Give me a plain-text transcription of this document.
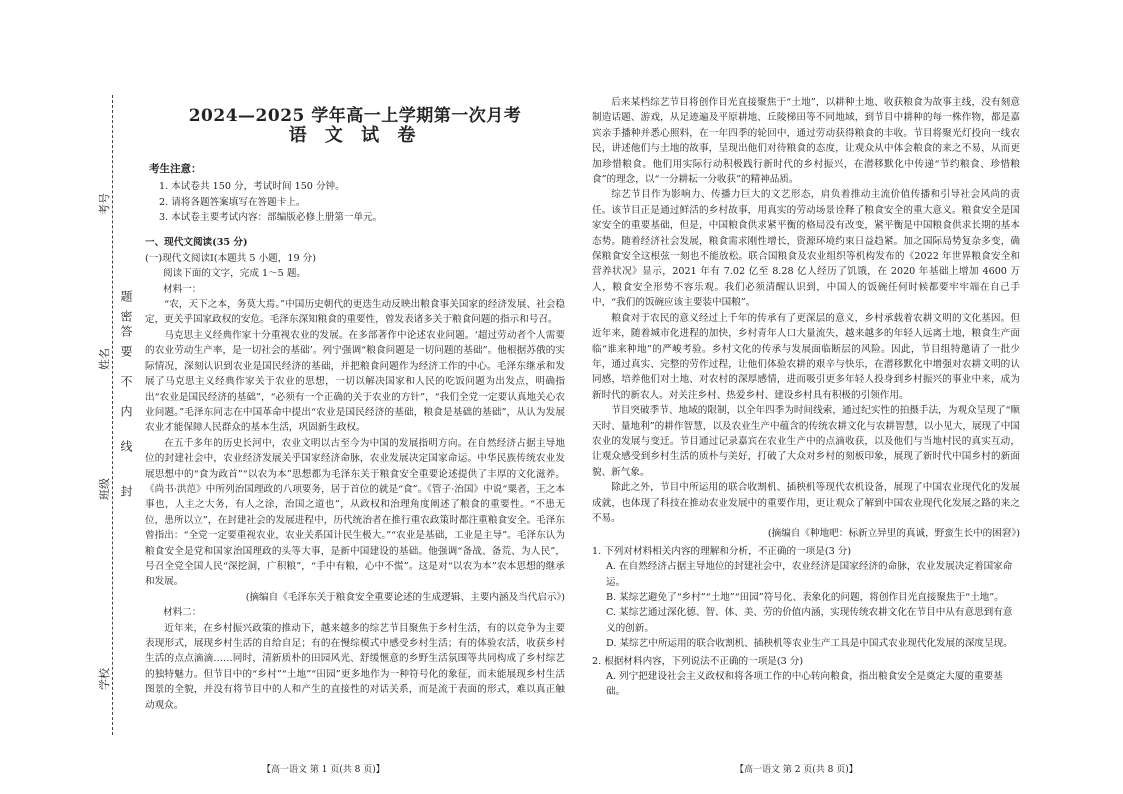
考号
姓名
班级
学校
密
封
线
内
不
要
答
题
2024—2025 学年高一上学期第一次月考
语 文 试 卷
考生注意：
1. 本试卷共 150 分，考试时间 150 分钟。
2. 请将各题答案填写在答题卡上。
3. 本试卷主要考试内容：部编版必修上册第一单元。
一、现代文阅读(35 分)
(一)现代文阅读Ⅰ(本题共 5 小题，19 分)
阅读下面的文字，完成 1～5 题。
材料一：

“农，天下之本，务莫大焉。”中国历史朝代的更迭生动反映出粮食事关国家的经济发展、社会稳定，更关乎国家政权的安危。毛泽东深知粮食的重要性，曾发表诸多关于粮食问题的指示和号召。

马克思主义经典作家十分重视农业的发展。在多部著作中论述农业问题。‘超过劳动者个人需要的农业劳动生产率，是一切社会的基础’。列宁强调“粮食问题是一切问题的基础”。他根据苏俄的实际情况，深刻认识到农业是国民经济的基础，并把粮食问题作为经济工作的中心。毛泽东继承和发展了马克思主义经典作家关于农业的思想，一切以解决国家和人民的吃饭问题为出发点，明确指出“农业是国民经济的基础”，“必须有一个正确的关于农业的方针”，“我们全党一定要认真地关心农业问题。”毛泽东同志在中国革命中提出“农业是国民经济的基础，粮食是基础的基础”，从认为发展农业才能保障人民群众的基本生活，巩固新生政权。

在五千多年的历史长河中，农业文明以古至今为中国的发展指明方向。在自然经济占据主导地位的封建社会中，农业经济发展关乎国家经济命脉，农业发展决定国家命运。中华民族传统农业发展思想中的“食为政首”“以农为本”思想都为毛泽东关于粮食安全重要论述提供了丰厚的文化滋养。《尚书·洪范》中所列治国理政的八项要务，居于首位的就是“食”。《管子·治国》中说“粟者，王之本事也，人主之大务，有人之涂，治国之道也”，从政权和治理角度阐述了粮食的重要性。“不患无位，患所以立”，在封建社会的发展进程中，历代统治者在推行重农政策时都注重粮食安全。毛泽东曾指出：“全党一定要重视农业，农业关系国计民生极大。”“农业是基础，工业是主导”。毛泽东认为粮食安全是党和国家治国理政的头等大事，是新中国建设的基础。他强调“备战、备荒、为人民”，号召全党全国人民“深挖洞，广积粮”，“手中有粮，心中不慌”。这是对“以农为本”农本思想的继承和发展。

(摘编自《毛泽东关于粮食安全重要论述的生成逻辑、主要内涵及当代启示》)

材料二：

近年来，在乡村振兴政策的推动下，越来越多的综艺节目聚焦于乡村生活，有的以竞争为主要表现形式，展现乡村生活的自给自足；有的在慢综模式中感受乡村生活；有的体验农活，收获乡村生活的点点滴滴……同时，清新质朴的田园风光、舒缓惬意的乡野生活氛围等共同构成了乡村综艺的独特魅力。但节目中的“乡村”“土地”“田园”更多地作为一种符号化的象征，而未能展现乡村生活图景的全貌，并没有将节目中的人和产生的直接性的对话关系，而是流于表面的形式，难以真正触动观众。

后来某档综艺节目将创作目光直接聚焦于“土地”，以耕种土地、收获粮食为故事主线，没有刻意制造话题、游戏，从足迹遍及平原耕地、丘陵梯田等不同地域，到节目中耕种的每一株作物，都是嘉宾亲手播种并悉心照料，在一年四季的轮回中，通过劳动获得粮食的丰收。节目将聚光灯投向一线农民，讲述他们与土地的故事，呈现出他们对待粮食的态度，让观众从中体会粮食的来之不易，从而更加珍惜粮食。他们用实际行动积极践行新时代的乡村振兴，在潜移默化中传递“节约粮食、珍惜粮食”的理念，以“一分耕耘一分收获”的精神品质。

综艺节目作为影响力、传播力巨大的文艺形态，肩负着推动主流价值传播和引导社会风尚的责任。该节目正是通过鲜活的乡村故事，用真实的劳动场景诠释了粮食安全的重大意义。粮食安全是国家安全的重要基础，但是，中国粮食供求紧平衡的格局没有改变，紧平衡是中国粮食供求长期的基本态势。随着经济社会发展，粮食需求刚性增长，资源环境约束日益趋紧。加之国际局势复杂多变，确保粮食安全这根弦一刻也不能放松。联合国粮食及农业组织等机构发布的《2022 年世界粮食安全和营养状况》显示，2021 年有 7.02 亿至 8.28 亿人经历了饥饿，在 2020 年基础上增加 4600 万人，粮食安全形势不容乐观。我们必须清醒认识到，中国人的饭碗任何时候都要牢牢端在自己手中，“我们的饭碗应该主要装中国粮”。

粮食对于农民的意义经过上千年的传承有了更深层的意义，乡村承载着农耕文明的文化基因。但近年来，随着城市化进程的加快，乡村青年人口大量流失，越来越多的年轻人远离土地，粮食生产面临“谁来种地”的严峻考验。乡村文化的传承与发展面临断层的风险。因此，节目组特邀请了一批少年，通过真实、完整的劳作过程，让他们体验农耕的艰辛与快乐，在潜移默化中增强对农耕文明的认同感，培养他们对土地、对农村的深厚感情，进而吸引更多年轻人投身到乡村振兴的事业中来，成为新时代的新农人。对关注乡村、热爱乡村、建设乡村具有积极的引领作用。

节目突破季节、地域的限制，以全年四季为时间线索，通过纪实性的拍摄手法，为观众呈现了“顺天时、量地利”的耕作智慧，以及农业生产中蕴含的传统农耕文化与农耕智慧，以小见大，展现了中国农业的发展与变迁。节目通过记录嘉宾在农业生产中的点滴收获，以及他们与当地村民的真实互动，让观众感受到乡村生活的质朴与美好，打破了大众对乡村的刻板印象，展现了新时代中国乡村的新面貌、新气象。

除此之外，节目中所运用的联合收割机、插秧机等现代农机设备，展现了中国农业现代化的发展成就，也体现了科技在推动农业发展中的重要作用，更让观众了解到中国农业现代化发展之路的来之不易。

(摘编自《种地吧：标新立异里的真诚，野蛮生长中的困窘》)

1. 下列对材料相关内容的理解和分析，不正确的一项是(3 分)
A. 在自然经济占据主导地位的封建社会中，农业经济是国家经济的命脉，农业发展决定着国家命运。
B. 某综艺避免了“乡村”“土地”“田园”符号化、表象化的问题，将创作目光直接聚焦于“土地”。
C. 某综艺通过深化德、智、体、美、劳的价值内涵，实现传统农耕文化在节目中从有意思到有意义的创新。
D. 某综艺中所运用的联合收割机、插秧机等农业生产工具是中国式农业现代化发展的深度呈现。
2. 根据材料内容，下列说法不正确的一项是(3 分)
A. 列宁把建设社会主义政权和将各项工作的中心转向粮食，指出粮食安全是奠定大厦的重要基础。
【高一语文 第 1 页(共 8 页)】	【高一语文 第 2 页(共 8 页)】
